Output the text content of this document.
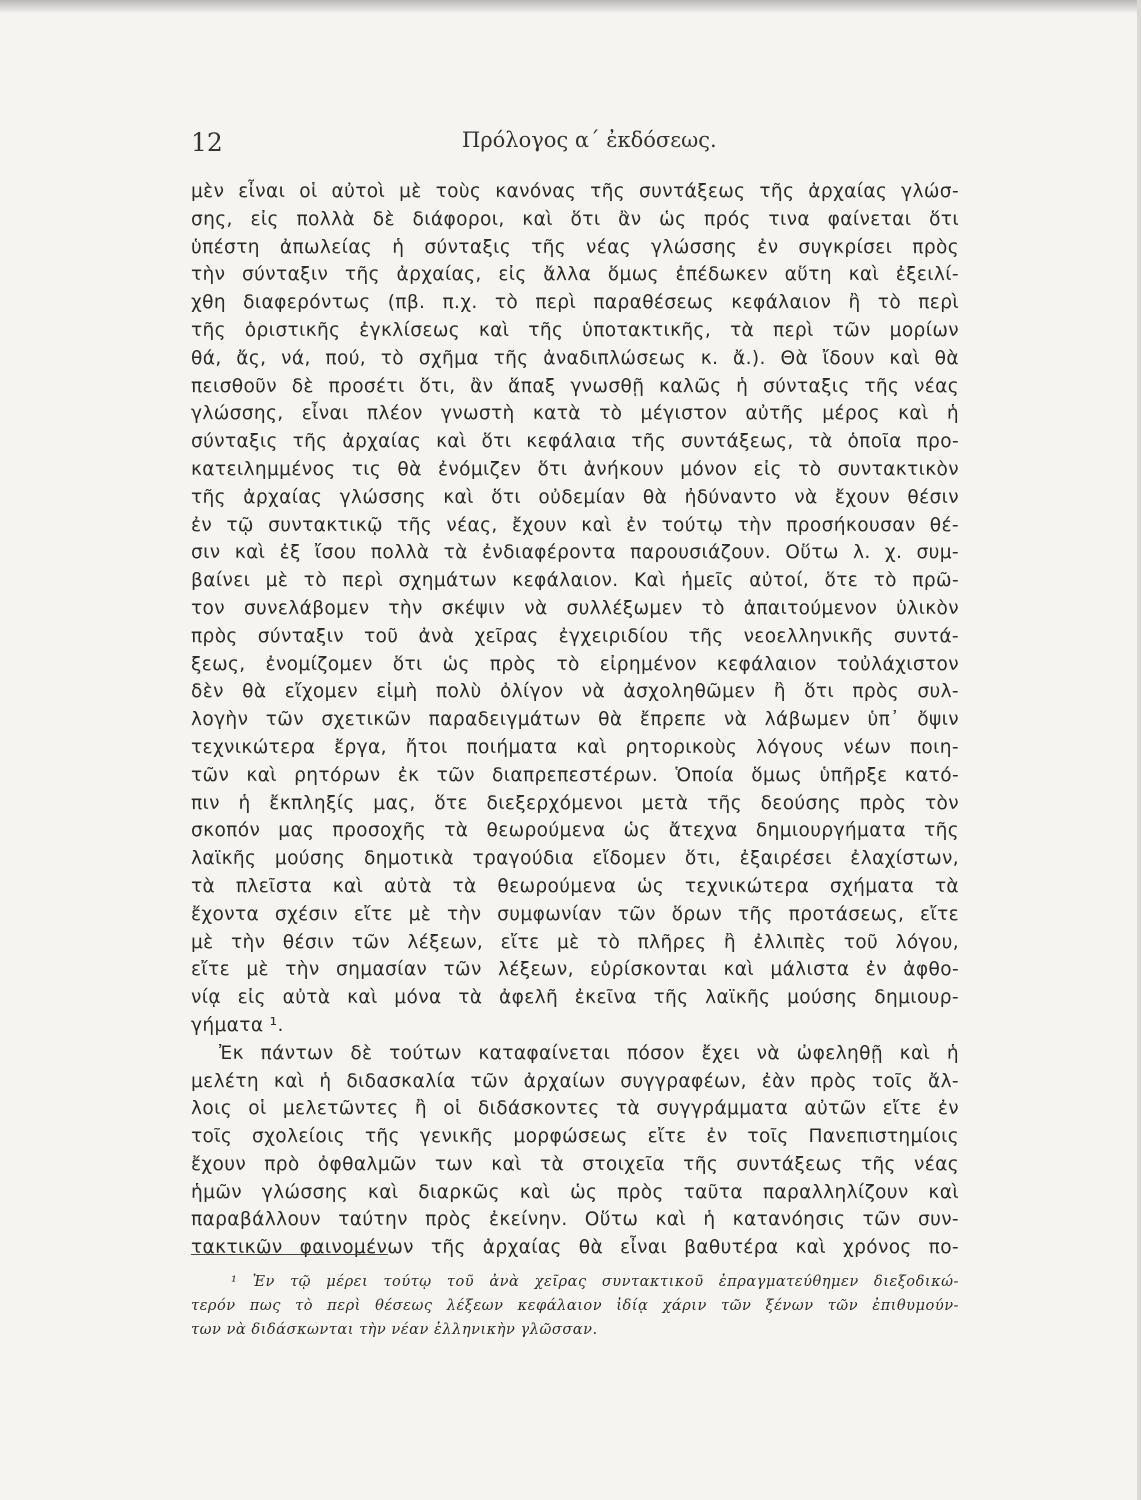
12	Πρόλογος α΄ ἐκδόσεως.
μὲν εἶναι οἱ αὐτοὶ μὲ τοὺς κανόνας τῆς συντάξεως τῆς ἀρχαίας γλώσ-
σης, εἰς πολλὰ δὲ διάφοροι, καὶ ὅτι ἂν ὡς πρός τινα φαίνεται ὅτι
ὑπέστη ἀπωλείας ἡ σύνταξις τῆς νέας γλώσσης ἐν συγκρίσει πρὸς
τὴν σύνταξιν τῆς ἀρχαίας, εἰς ἄλλα ὅμως ἐπέδωκεν αὕτη καὶ ἐξειλί-
χθη διαφερόντως (πβ. π.χ. τὸ περὶ παραθέσεως κεφάλαιον ἢ τὸ περὶ
τῆς ὁριστικῆς ἐγκλίσεως καὶ τῆς ὑποτακτικῆς, τὰ περὶ τῶν μορίων
θά, ἄς, νά, πού, τὸ σχῆμα τῆς ἀναδιπλώσεως κ. ἄ.). Θὰ ἴδουν καὶ θὰ
πεισθοῦν δὲ προσέτι ὅτι, ἂν ἅπαξ γνωσθῇ καλῶς ἡ σύνταξις τῆς νέας
γλώσσης, εἶναι πλέον γνωστὴ κατὰ τὸ μέγιστον αὐτῆς μέρος καὶ ἡ
σύνταξις τῆς ἀρχαίας καὶ ὅτι κεφάλαια τῆς συντάξεως, τὰ ὁποῖα προ-
κατειλημμένος τις θὰ ἐνόμιζεν ὅτι ἀνήκουν μόνον εἰς τὸ συντακτικὸν
τῆς ἀρχαίας γλώσσης καὶ ὅτι οὐδεμίαν θὰ ἠδύναντο νὰ ἔχουν θέσιν
ἐν τῷ συντακτικῷ τῆς νέας, ἔχουν καὶ ἐν τούτῳ τὴν προσήκουσαν θέ-
σιν καὶ ἐξ ἴσου πολλὰ τὰ ἐνδιαφέροντα παρουσιάζουν. Οὕτω λ. χ. συμ-
βαίνει μὲ τὸ περὶ σχημάτων κεφάλαιον. Καὶ ἡμεῖς αὐτοί, ὅτε τὸ πρῶ-
τον συνελάβομεν τὴν σκέψιν νὰ συλλέξωμεν τὸ ἀπαιτούμενον ὑλικὸν
πρὸς σύνταξιν τοῦ ἀνὰ χεῖρας ἐγχειριδίου τῆς νεοελληνικῆς συντά-
ξεως, ἐνομίζομεν ὅτι ὡς πρὸς τὸ εἰρημένον κεφάλαιον τοὐλάχιστον
δὲν θὰ εἴχομεν εἰμὴ πολὺ ὀλίγον νὰ ἀσχοληθῶμεν ἢ ὅτι πρὸς συλ-
λογὴν τῶν σχετικῶν παραδειγμάτων θὰ ἔπρεπε νὰ λάβωμεν ὑπ᾽ ὄψιν
τεχνικώτερα ἔργα, ἤτοι ποιήματα καὶ ρητορικοὺς λόγους νέων ποιη-
τῶν καὶ ρητόρων ἐκ τῶν διαπρεπεστέρων. Ὁποία ὅμως ὑπῆρξε κατό-
πιν ἡ ἔκπληξίς μας, ὅτε διεξερχόμενοι μετὰ τῆς δεούσης πρὸς τὸν
σκοπόν μας προσοχῆς τὰ θεωρούμενα ὡς ἄτεχνα δημιουργήματα τῆς
λαϊκῆς μούσης δημοτικὰ τραγούδια εἴδομεν ὅτι, ἐξαιρέσει ἐλαχίστων,
τὰ πλεῖστα καὶ αὐτὰ τὰ θεωρούμενα ὡς τεχνικώτερα σχήματα τὰ
ἔχοντα σχέσιν εἴτε μὲ τὴν συμφωνίαν τῶν ὅρων τῆς προτάσεως, εἴτε
μὲ τὴν θέσιν τῶν λέξεων, εἴτε μὲ τὸ πλῆρες ἢ ἐλλιπὲς τοῦ λόγου,
εἴτε μὲ τὴν σημασίαν τῶν λέξεων, εὑρίσκονται καὶ μάλιστα ἐν ἀφθο-
νίᾳ εἰς αὐτὰ καὶ μόνα τὰ ἀφελῆ ἐκεῖνα τῆς λαϊκῆς μούσης δημιουρ-
γήματα ¹.
Ἐκ πάντων δὲ τούτων καταφαίνεται πόσον ἔχει νὰ ὠφεληθῇ καὶ ἡ
μελέτη καὶ ἡ διδασκαλία τῶν ἀρχαίων συγγραφέων, ἐὰν πρὸς τοῖς ἄλ-
λοις οἱ μελετῶντες ἢ οἱ διδάσκοντες τὰ συγγράμματα αὐτῶν εἴτε ἐν
τοῖς σχολείοις τῆς γενικῆς μορφώσεως εἴτε ἐν τοῖς Πανεπιστημίοις
ἔχουν πρὸ ὀφθαλμῶν των καὶ τὰ στοιχεῖα τῆς συντάξεως τῆς νέας
ἡμῶν γλώσσης καὶ διαρκῶς καὶ ὡς πρὸς ταῦτα παραλληλίζουν καὶ
παραβάλλουν ταύτην πρὸς ἐκείνην. Οὕτω καὶ ἡ κατανόησις τῶν συν-
τακτικῶν φαινομένων τῆς ἀρχαίας θὰ εἶναι βαθυτέρα καὶ χρόνος πο-
¹ Ἐν τῷ μέρει τούτῳ τοῦ ἀνὰ χεῖρας συντακτικοῦ ἐπραγματεύθημεν διεξοδικώ-
τερόν πως τὸ περὶ θέσεως λέξεων κεφάλαιον ἰδίᾳ χάριν τῶν ξένων τῶν ἐπιθυμούν-
των νὰ διδάσκωνται τὴν νέαν ἑλληνικὴν γλῶσσαν.
